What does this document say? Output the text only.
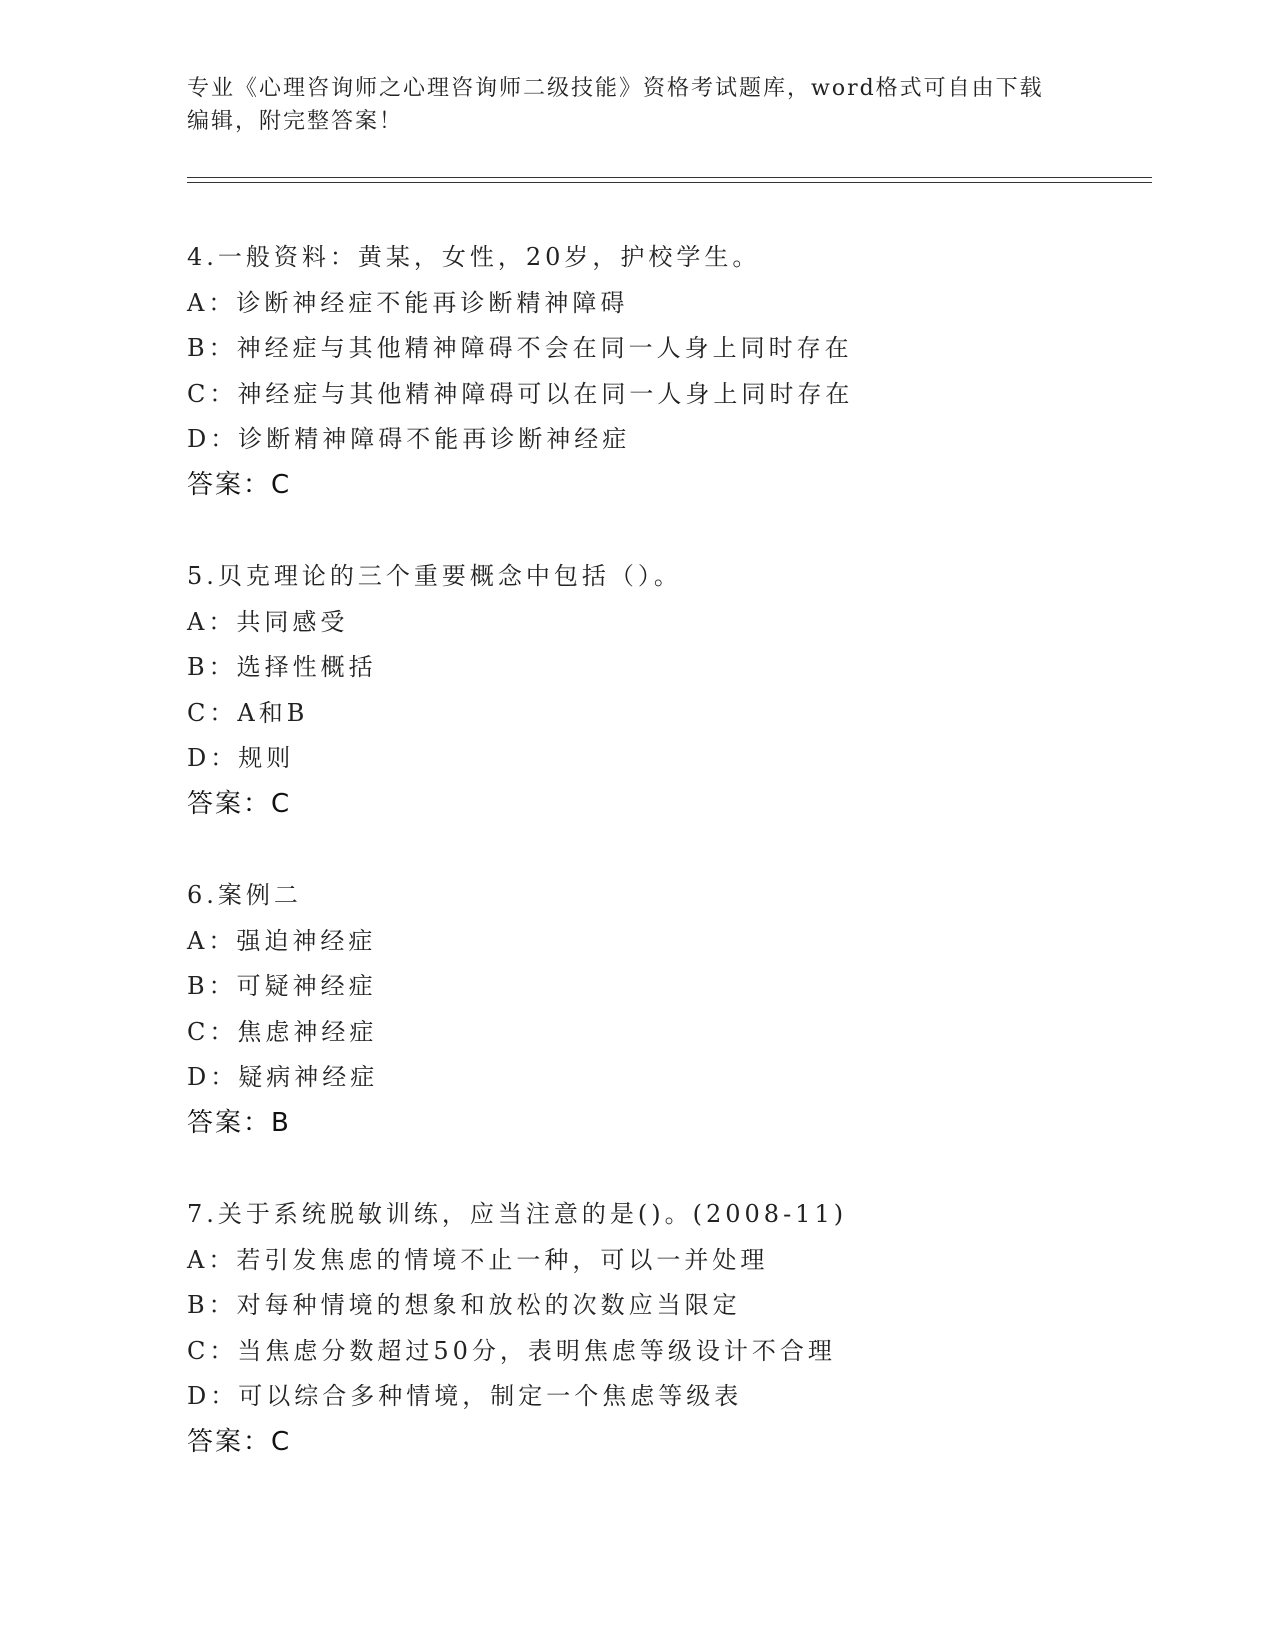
专业《心理咨询师之心理咨询师二级技能》资格考试题库，word格式可自由下载
编辑，附完整答案！
4.一般资料：黄某，女性，20岁，护校学生。
A：诊断神经症不能再诊断精神障碍
B：神经症与其他精神障碍不会在同一人身上同时存在
C：神经症与其他精神障碍可以在同一人身上同时存在
D：诊断精神障碍不能再诊断神经症
答案：C
5.贝克理论的三个重要概念中包括（）。
A：共同感受
B：选择性概括
C：A和B
D：规则
答案：C
6.案例二
A：强迫神经症
B：可疑神经症
C：焦虑神经症
D：疑病神经症
答案：B
7.关于系统脱敏训练，应当注意的是()。(2008-11)
A：若引发焦虑的情境不止一种，可以一并处理
B：对每种情境的想象和放松的次数应当限定
C：当焦虑分数超过50分，表明焦虑等级设计不合理
D：可以综合多种情境，制定一个焦虑等级表
答案：C
